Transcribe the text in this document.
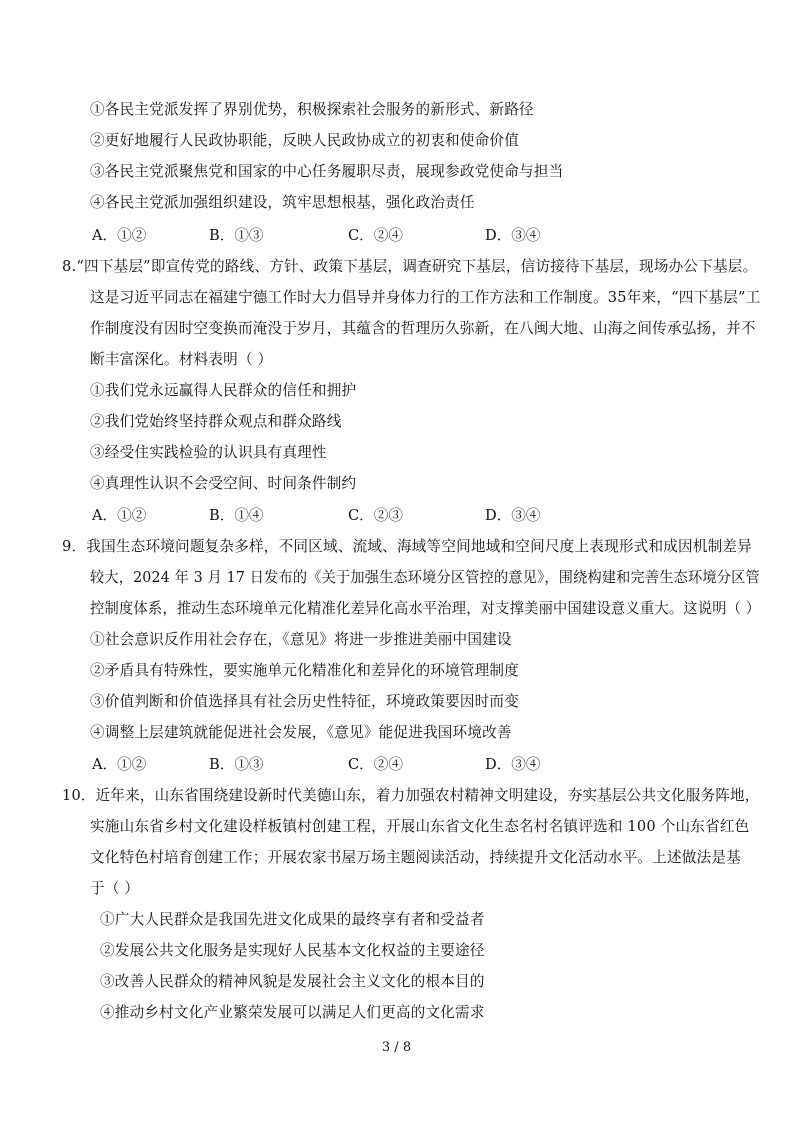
①各民主党派发挥了界别优势，积极探索社会服务的新形式、新路径
②更好地履行人民政协职能，反映人民政协成立的初衷和使命价值
③各民主党派聚焦党和国家的中心任务履职尽责，展现参政党使命与担当
④各民主党派加强组织建设，筑牢思想根基，强化政治责任
A．①②	B．①③	C．②④	D．③④
8.“四下基层”即宣传党的路线、方针、政策下基层，调查研究下基层，信访接待下基层，现场办公下基层。
这是习近平同志在福建宁德工作时大力倡导并身体力行的工作方法和工作制度。35年来，“四下基层”工
作制度没有因时空变换而淹没于岁月，其蕴含的哲理历久弥新，在八闽大地、山海之间传承弘扬，并不
断丰富深化。材料表明（ ）
①我们党永远赢得人民群众的信任和拥护
②我们党始终坚持群众观点和群众路线
③经受住实践检验的认识具有真理性
④真理性认识不会受空间、时间条件制约
A．①②	B．①④	C．②③	D．③④
9．我国生态环境问题复杂多样，不同区域、流域、海域等空间地域和空间尺度上表现形式和成因机制差异
较大，2024 年 3 月 17 日发布的《关于加强生态环境分区管控的意见》，围绕构建和完善生态环境分区管
控制度体系，推动生态环境单元化精准化差异化高水平治理，对支撑美丽中国建设意义重大。这说明（ ）
①社会意识反作用社会存在，《意见》将进一步推进美丽中国建设
②矛盾具有特殊性，要实施单元化精准化和差异化的环境管理制度
③价值判断和价值选择具有社会历史性特征，环境政策要因时而变
④调整上层建筑就能促进社会发展，《意见》能促进我国环境改善
A．①②	B．①③	C．②④	D．③④
10．近年来，山东省围绕建设新时代美德山东，着力加强农村精神文明建设，夯实基层公共文化服务阵地，
实施山东省乡村文化建设样板镇村创建工程，开展山东省文化生态名村名镇评选和 100 个山东省红色
文化特色村培育创建工作；开展农家书屋万场主题阅读活动，持续提升文化活动水平。上述做法是基
于（ ）
①广大人民群众是我国先进文化成果的最终享有者和受益者
②发展公共文化服务是实现好人民基本文化权益的主要途径
③改善人民群众的精神风貌是发展社会主义文化的根本目的
④推动乡村文化产业繁荣发展可以满足人们更高的文化需求
3 / 8
